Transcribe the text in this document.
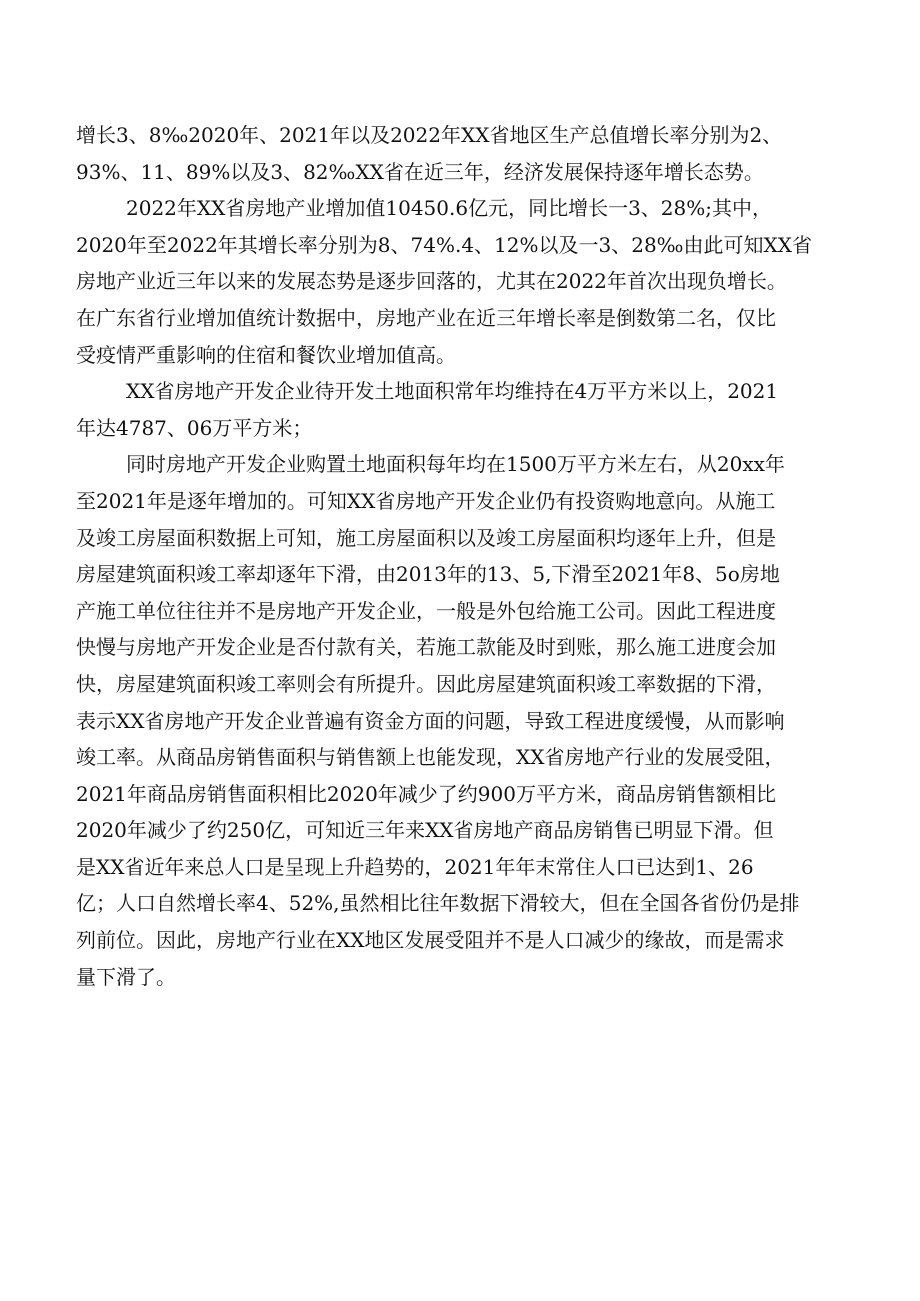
增长3、8‰2020年、2021年以及2022年XX省地区生产总值增长率分别为2、
93%、11、89%以及3、82‰XX省在近三年，经济发展保持逐年增长态势。
2022年XX省房地产业增加值10450.6亿元，同比增长一3、28%;其中，
2020年至2022年其增长率分别为8、74%.4、12%以及一3、28‰由此可知XX省
房地产业近三年以来的发展态势是逐步回落的，尤其在2022年首次出现负增长。
在广东省行业增加值统计数据中，房地产业在近三年增长率是倒数第二名，仅比
受疫情严重影响的住宿和餐饮业增加值高。
XX省房地产开发企业待开发土地面积常年均维持在4万平方米以上，2021
年达4787、06万平方米；
同时房地产开发企业购置土地面积每年均在1500万平方米左右，从20xx年
至2021年是逐年增加的。可知XX省房地产开发企业仍有投资购地意向。从施工
及竣工房屋面积数据上可知，施工房屋面积以及竣工房屋面积均逐年上升，但是
房屋建筑面积竣工率却逐年下滑，由2013年的13、5,下滑至2021年8、5o房地
产施工单位往往并不是房地产开发企业，一般是外包给施工公司。因此工程进度
快慢与房地产开发企业是否付款有关，若施工款能及时到账，那么施工进度会加
快，房屋建筑面积竣工率则会有所提升。因此房屋建筑面积竣工率数据的下滑，
表示XX省房地产开发企业普遍有资金方面的问题，导致工程进度缓慢，从而影响
竣工率。从商品房销售面积与销售额上也能发现，XX省房地产行业的发展受阻，
2021年商品房销售面积相比2020年减少了约900万平方米，商品房销售额相比
2020年减少了约250亿，可知近三年来XX省房地产商品房销售已明显下滑。但
是XX省近年来总人口是呈现上升趋势的，2021年年末常住人口已达到1、26
亿；人口自然增长率4、52%,虽然相比往年数据下滑较大，但在全国各省份仍是排
列前位。因此，房地产行业在XX地区发展受阻并不是人口减少的缘故，而是需求
量下滑了。
